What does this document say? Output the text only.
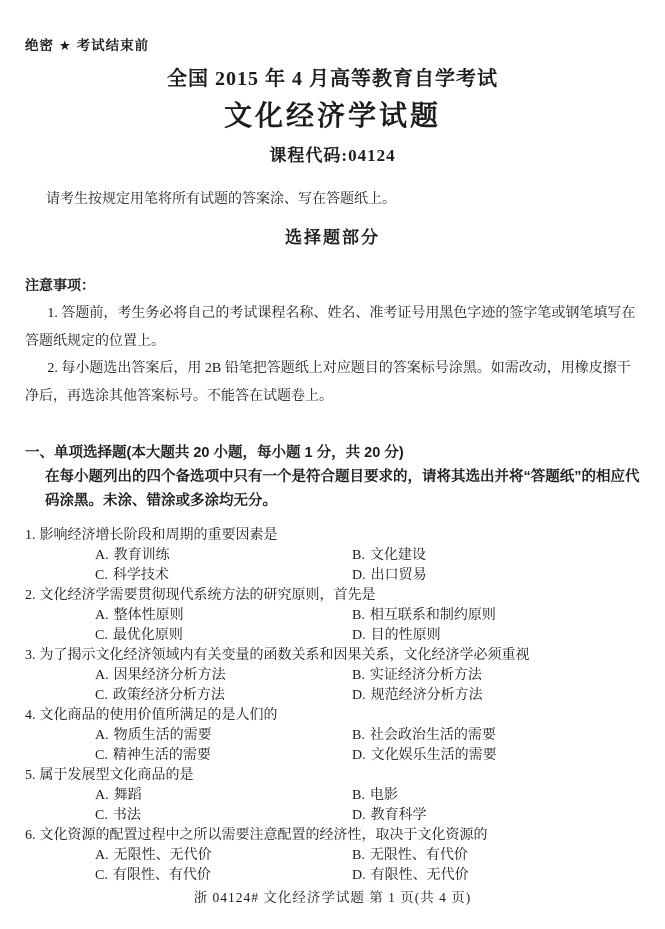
绝密 ★ 考试结束前
全国 2015 年 4 月高等教育自学考试
文化经济学试题
课程代码:04124
请考生按规定用笔将所有试题的答案涂、写在答题纸上。
选择题部分
注意事项：

1. 答题前，考生务必将自己的考试课程名称、姓名、准考证号用黑色字迹的签字笔或钢笔填写在答题纸规定的位置上。

2. 每小题选出答案后，用 2B 铅笔把答题纸上对应题目的答案标号涂黑。如需改动，用橡皮擦干净后，再选涂其他答案标号。不能答在试题卷上。

一、单项选择题(本大题共 20 小题，每小题 1 分，共 20 分)
在每小题列出的四个备选项中只有一个是符合题目要求的，请将其选出并将“答题纸”的相应代码涂黑。未涂、错涂或多涂均无分。
1. 影响经济增长阶段和周期的重要因素是
A. 教育训练	B. 文化建设
C. 科学技术	D. 出口贸易
2. 文化经济学需要贯彻现代系统方法的研究原则，首先是
A. 整体性原则	B. 相互联系和制约原则
C. 最优化原则	D. 目的性原则
3. 为了揭示文化经济领域内有关变量的函数关系和因果关系，文化经济学必须重视
A. 因果经济分析方法	B. 实证经济分析方法
C. 政策经济分析方法	D. 规范经济分析方法
4. 文化商品的使用价值所满足的是人们的
A. 物质生活的需要	B. 社会政治生活的需要
C. 精神生活的需要	D. 文化娱乐生活的需要
5. 属于发展型文化商品的是
A. 舞蹈	B. 电影
C. 书法	D. 教育科学
6. 文化资源的配置过程中之所以需要注意配置的经济性，取决于文化资源的
A. 无限性、无代价	B. 无限性、有代价
C. 有限性、有代价	D. 有限性、无代价
浙 04124# 文化经济学试题 第 1 页(共 4 页)
